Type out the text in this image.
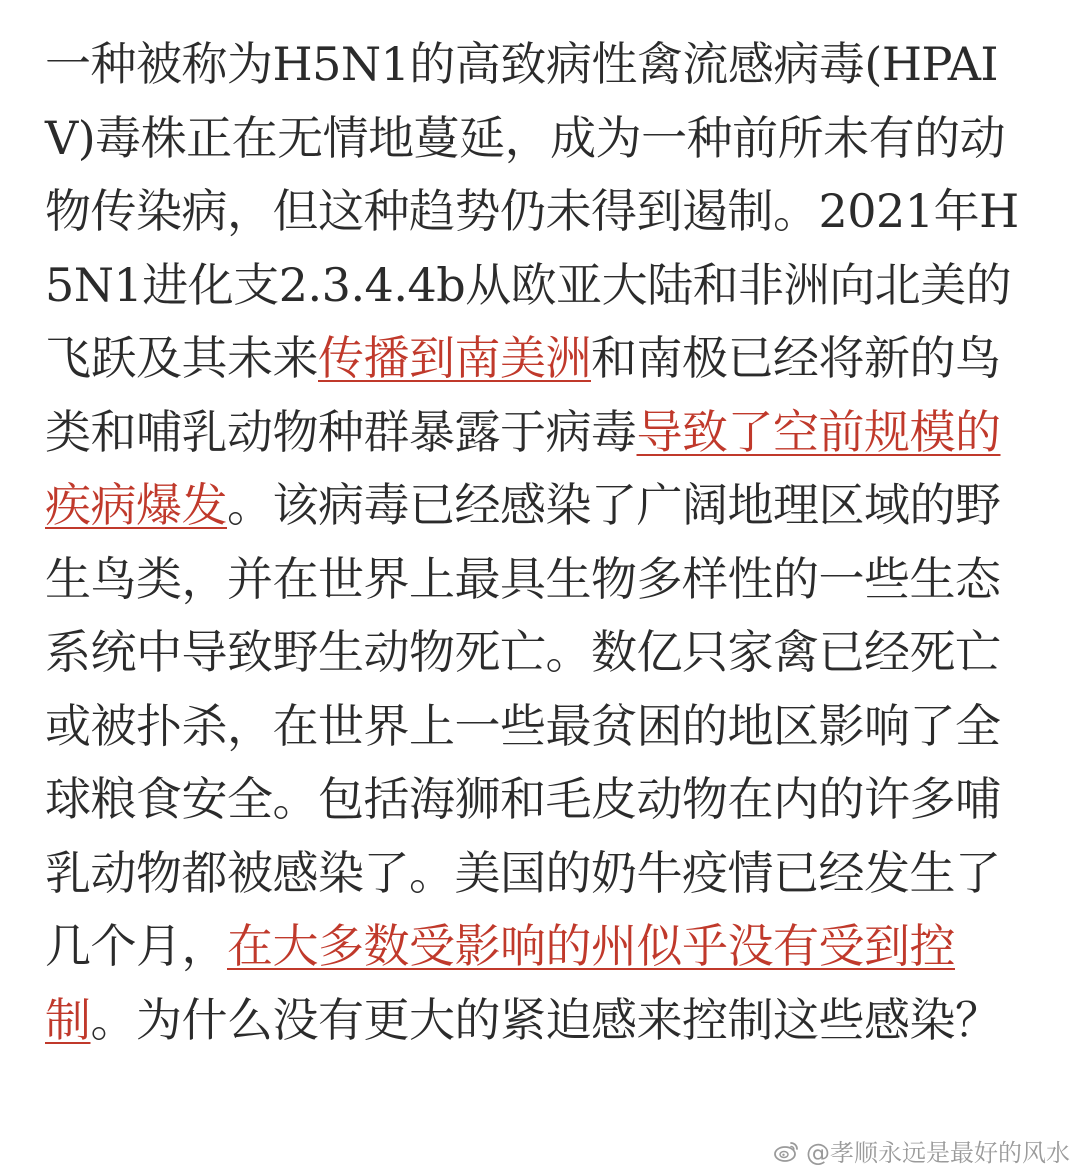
一种被称为H5N1的高致病性禽流感病毒(HPAIV)毒株正在无情地蔓延，成为一种前所未有的动物传染病，但这种趋势仍未得到遏制。2021年H5N1进化支2.3.4.4b从欧亚大陆和非洲向北美的飞跃及其未来传播到南美洲和南极已经将新的鸟类和哺乳动物种群暴露于病毒导致了空前规模的疾病爆发。该病毒已经感染了广阔地理区域的野生鸟类，并在世界上最具生物多样性的一些生态系统中导致野生动物死亡。数亿只家禽已经死亡或被扑杀，在世界上一些最贫困的地区影响了全球粮食安全。包括海狮和毛皮动物在内的许多哺乳动物都被感染了。美国的奶牛疫情已经发生了几个月，在大多数受影响的州似乎没有受到控制。为什么没有更大的紧迫感来控制这些感染？

@孝顺永远是最好的风水
